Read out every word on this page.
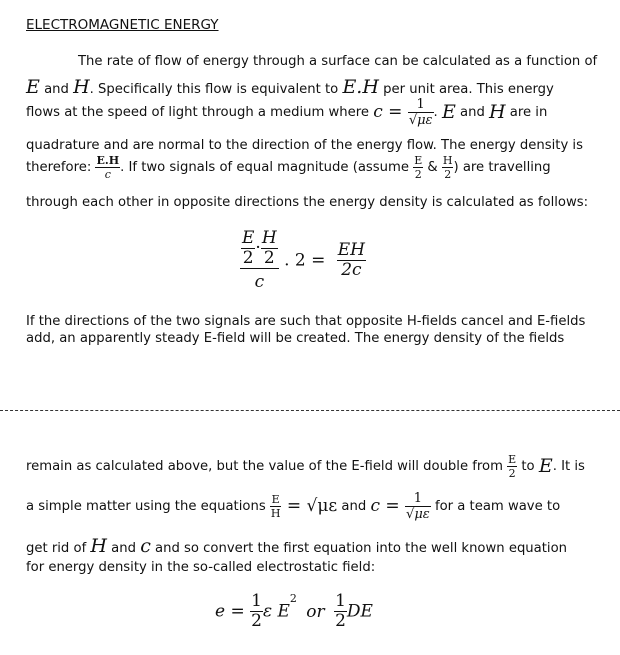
ELECTROMAGNETIC ENERGY
The rate of flow of energy through a surface can be calculated as a function of
E and H. Specifically this flow is equivalent to E.H per unit area. This energy
flows at the speed of light through a medium where $c = \frac{1}{√\mu\varepsilon}$ . E and H are in
quadrature and are normal to the direction of the energy flow. The energy density is
therefore: $\frac{E.H}{c}$ . If two signals of equal magnitude (assume $\frac{E}{2}$ & $\frac{H}{2}$ ) are travelling
through each other in opposite directions the energy density is calculated as follows:
$\frac{\frac{E}{2} \cdot \frac{H}{2}}{c}$ . $2 = \frac{EH}{2c}$
If the directions of the two signals are such that opposite H-fields cancel and E-fields
add, an apparently steady E-field will be created. The energy density of the fields
remain as calculated above, but the value of the E-field will double from $\frac{E}{2}$ to E. It is
a simple matter using the equations $\frac{E}{H} = √\mu\varepsilon$ and $c = \frac{1}{√\mu\varepsilon}$ for a team wave to
get rid of H and c and so convert the first equation into the well known equation
for energy density in the so-called electrostatic field:
$e = \frac{1}{2}$ ε $E^2$ or $\frac{1}{2}$ DE
